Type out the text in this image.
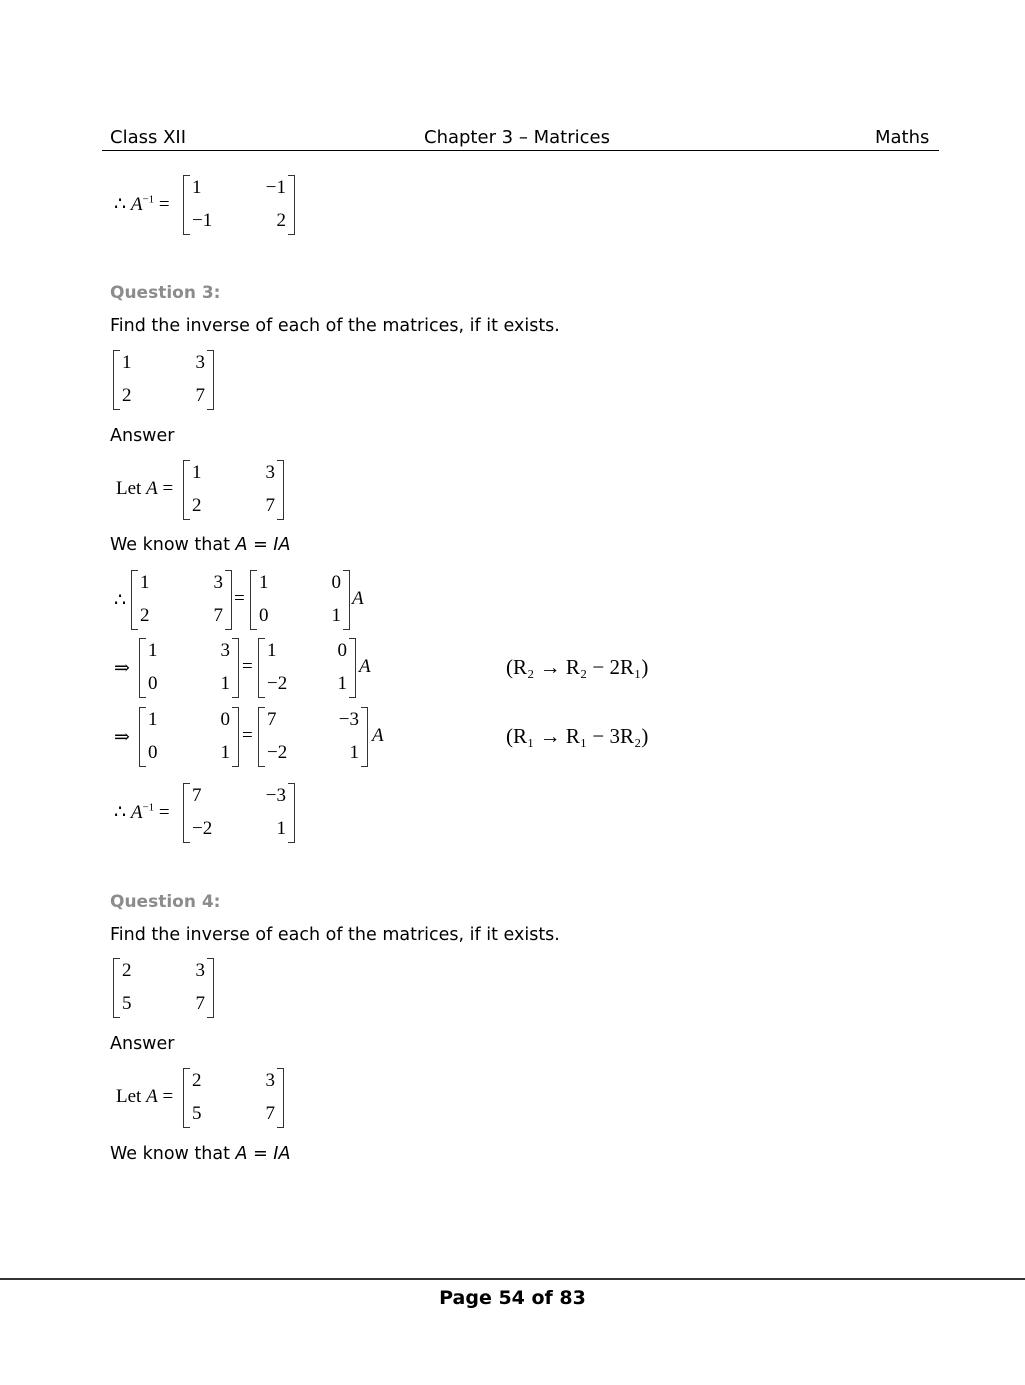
Class XII	Chapter 3 – Matrices	Maths
∴ $A^{-1}$ =
1	−1
−1	2
Question 3:
Find the inverse of each of the matrices, if it exists.
1	3
2	7
Answer
Let A =
1	3
2	7
We know that A = IA
∴
1	3
2	7
=
1	0
0	1
A
⇒
1	3
0	1
=
1	0
−2	1
A	(R₂ → R₂ − 2R₁)
⇒
1	0
0	1
=
7	−3
−2	1
A	(R₁ → R₁ − 3R₂)
∴ $A^{-1}$ =
7	−3
−2	1
Question 4:
Find the inverse of each of the matrices, if it exists.
2	3
5	7
Answer
Let A =
2	3
5	7
We know that A = IA
Page 54 of 83
